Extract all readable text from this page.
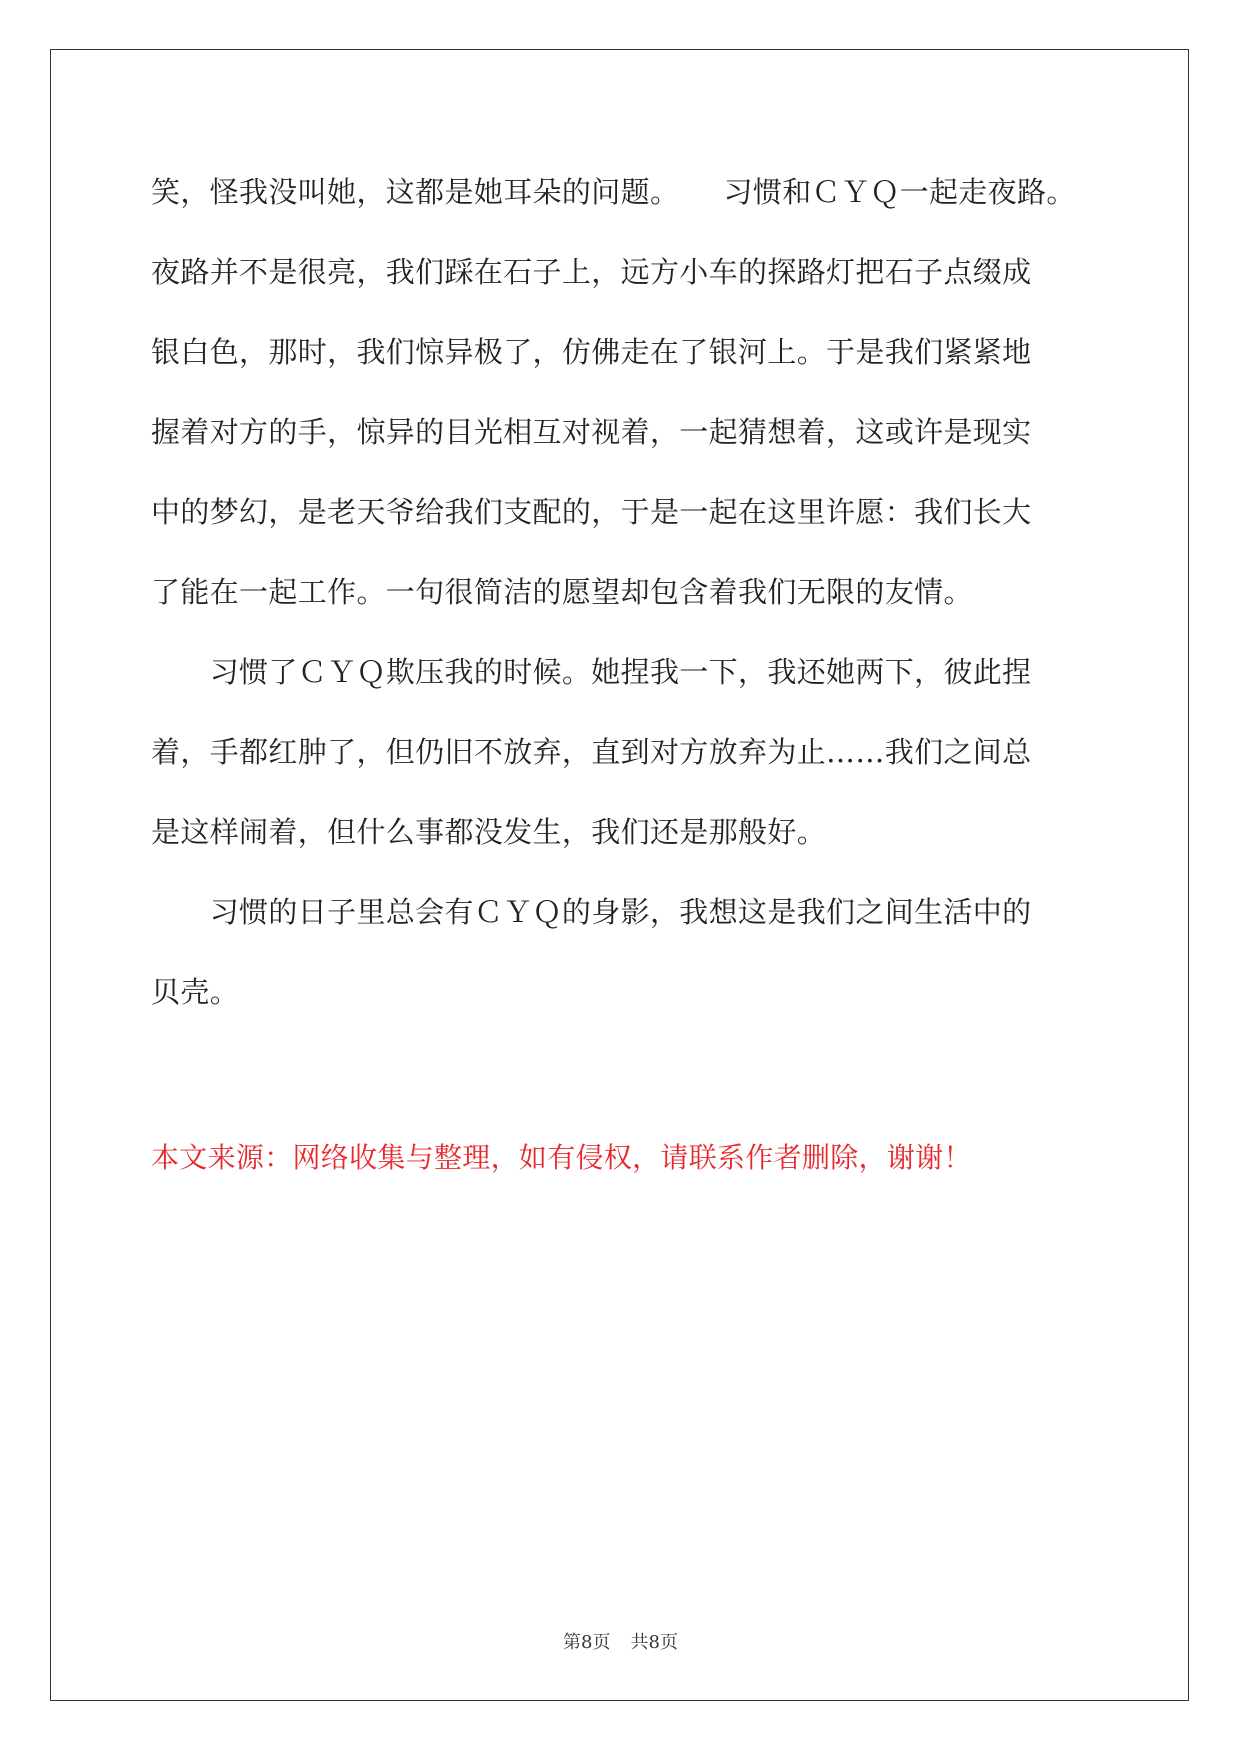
笑，怪我没叫她，这都是她耳朵的问题。　　习惯和ＣＹＱ一起走夜路。
夜路并不是很亮，我们踩在石子上，远方小车的探路灯把石子点缀成
银白色，那时，我们惊异极了，仿佛走在了银河上。于是我们紧紧地
握着对方的手，惊异的目光相互对视着，一起猜想着，这或许是现实
中的梦幻，是老天爷给我们支配的，于是一起在这里许愿：我们长大
了能在一起工作。一句很简洁的愿望却包含着我们无限的友情。
　　习惯了ＣＹＱ欺压我的时候。她捏我一下，我还她两下，彼此捏
着，手都红肿了，但仍旧不放弃，直到对方放弃为止……我们之间总
是这样闹着，但什么事都没发生，我们还是那般好。
　　习惯的日子里总会有ＣＹＱ的身影，我想这是我们之间生活中的
贝壳。
本文来源：网络收集与整理，如有侵权，请联系作者删除，谢谢！
第8页 共8页
